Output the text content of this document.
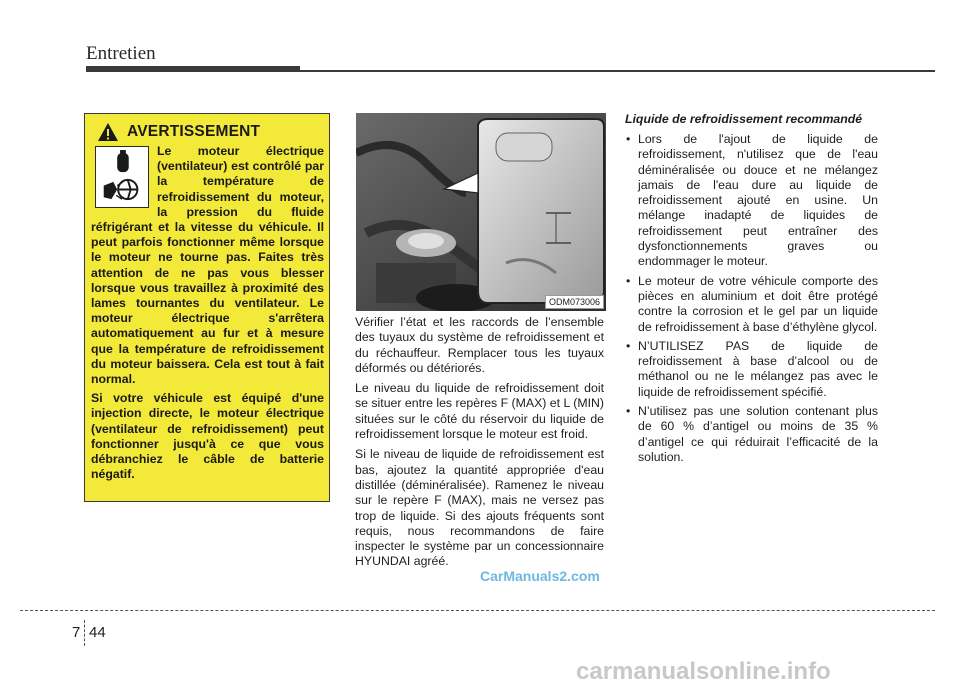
Entretien
AVERTISSEMENT

Le moteur électrique (ventilateur) est contrôlé par la température de refroidissement du moteur, la pression du fluide réfrigérant et la vitesse du véhicule. Il peut parfois fonctionner même lorsque le moteur ne tourne pas. Faites très attention de ne pas vous blesser lorsque vous travaillez à proximité des lames tournantes du ventilateur. Le moteur électrique s'arrêtera automatiquement au fur et à mesure que la température de refroidissement du moteur baissera. Cela est tout à fait normal.

Si votre véhicule est équipé d'une injection directe, le moteur électrique (ventilateur de refroidissement) peut fonctionner jusqu'à ce que vous débranchiez le câble de batterie négatif.

ODM073006

Vérifier l’état et les raccords de l’ensemble des tuyaux du système de refroidissement et du réchauffeur. Remplacer tous les tuyaux déformés ou détériorés.

Le niveau du liquide de refroidissement doit se situer entre les repères F (MAX) et L (MIN) situées sur le côté du réservoir du liquide de refroidissement lorsque le moteur est froid.

Si le niveau de liquide de refroidissement est bas, ajoutez la quantité appropriée d'eau distillée (déminéralisée). Ramenez le niveau sur le repère F (MAX), mais ne versez pas trop de liquide. Si des ajouts fréquents sont requis, nous recommandons de faire inspecter le système par un concessionnaire HYUNDAI agréé.

Liquide de refroidissement recommandé
• Lors de l'ajout de liquide de refroidissement, n'utilisez que de l'eau déminéralisée ou douce et ne mélangez jamais de l'eau dure au liquide de refroidissement ajouté en usine. Un mélange inadapté de liquides de refroidissement peut entraîner des dysfonctionnements graves ou endommager le moteur.
• Le moteur de votre véhicule comporte des pièces en aluminium et doit être protégé contre la corrosion et le gel par un liquide de refroidissement à base d’éthylène glycol.
• N’UTILISEZ PAS de liquide de refroidissement à base d’alcool ou de méthanol ou ne le mélangez pas avec le liquide de refroidissement spécifié.
• N’utilisez pas une solution contenant plus de 60 % d’antigel ou moins de 35 % d’antigel ce qui réduirait l’efficacité de la solution.
CarManuals2.com
7 44
carmanualsonline.info
